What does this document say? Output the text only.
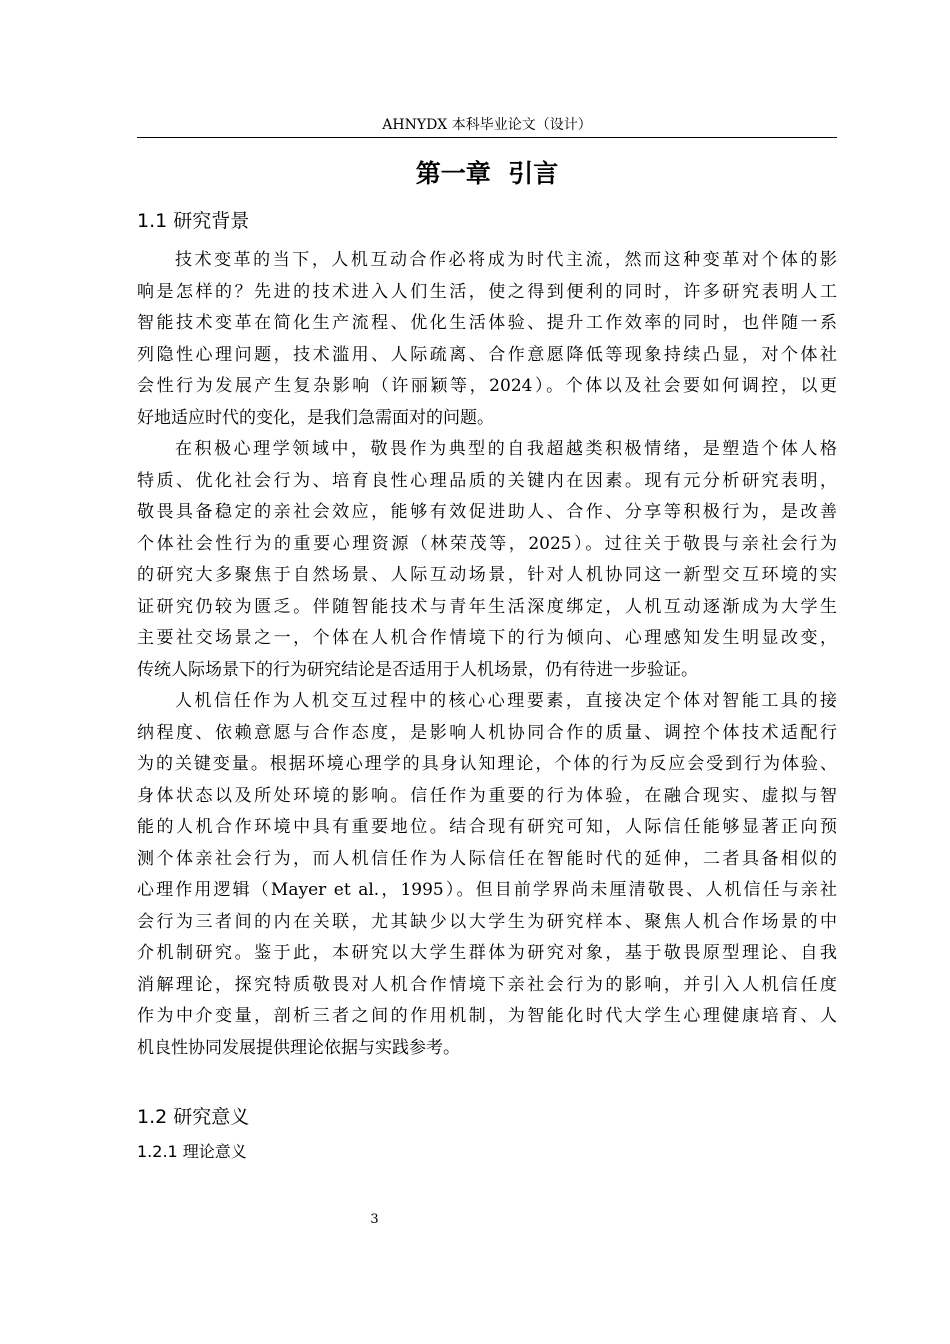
AHNYDX 本科毕业论文（设计）
第一章  引言
1.1 研究背景
技术变革的当下，人机互动合作必将成为时代主流，然而这种变革对个体的影
响是怎样的？先进的技术进入人们生活，使之得到便利的同时，许多研究表明人工
智能技术变革在简化生产流程、优化生活体验、提升工作效率的同时，也伴随一系
列隐性心理问题，技术滥用、人际疏离、合作意愿降低等现象持续凸显，对个体社
会性行为发展产生复杂影响（许丽颖等，2024）。个体以及社会要如何调控，以更
好地适应时代的变化，是我们急需面对的问题。
在积极心理学领域中，敬畏作为典型的自我超越类积极情绪，是塑造个体人格
特质、优化社会行为、培育良性心理品质的关键内在因素。现有元分析研究表明，
敬畏具备稳定的亲社会效应，能够有效促进助人、合作、分享等积极行为，是改善
个体社会性行为的重要心理资源（林荣茂等，2025）。过往关于敬畏与亲社会行为
的研究大多聚焦于自然场景、人际互动场景，针对人机协同这一新型交互环境的实
证研究仍较为匮乏。伴随智能技术与青年生活深度绑定，人机互动逐渐成为大学生
主要社交场景之一，个体在人机合作情境下的行为倾向、心理感知发生明显改变，
传统人际场景下的行为研究结论是否适用于人机场景，仍有待进一步验证。
人机信任作为人机交互过程中的核心心理要素，直接决定个体对智能工具的接
纳程度、依赖意愿与合作态度，是影响人机协同合作的质量、调控个体技术适配行
为的关键变量。根据环境心理学的具身认知理论，个体的行为反应会受到行为体验、
身体状态以及所处环境的影响。信任作为重要的行为体验，在融合现实、虚拟与智
能的人机合作环境中具有重要地位。结合现有研究可知，人际信任能够显著正向预
测个体亲社会行为，而人机信任作为人际信任在智能时代的延伸，二者具备相似的
心理作用逻辑（Mayer et al.，1995）。但目前学界尚未厘清敬畏、人机信任与亲社
会行为三者间的内在关联，尤其缺少以大学生为研究样本、聚焦人机合作场景的中
介机制研究。鉴于此，本研究以大学生群体为研究对象，基于敬畏原型理论、自我
消解理论，探究特质敬畏对人机合作情境下亲社会行为的影响，并引入人机信任度
作为中介变量，剖析三者之间的作用机制，为智能化时代大学生心理健康培育、人
机良性协同发展提供理论依据与实践参考。
1.2 研究意义
1.2.1 理论意义
3
